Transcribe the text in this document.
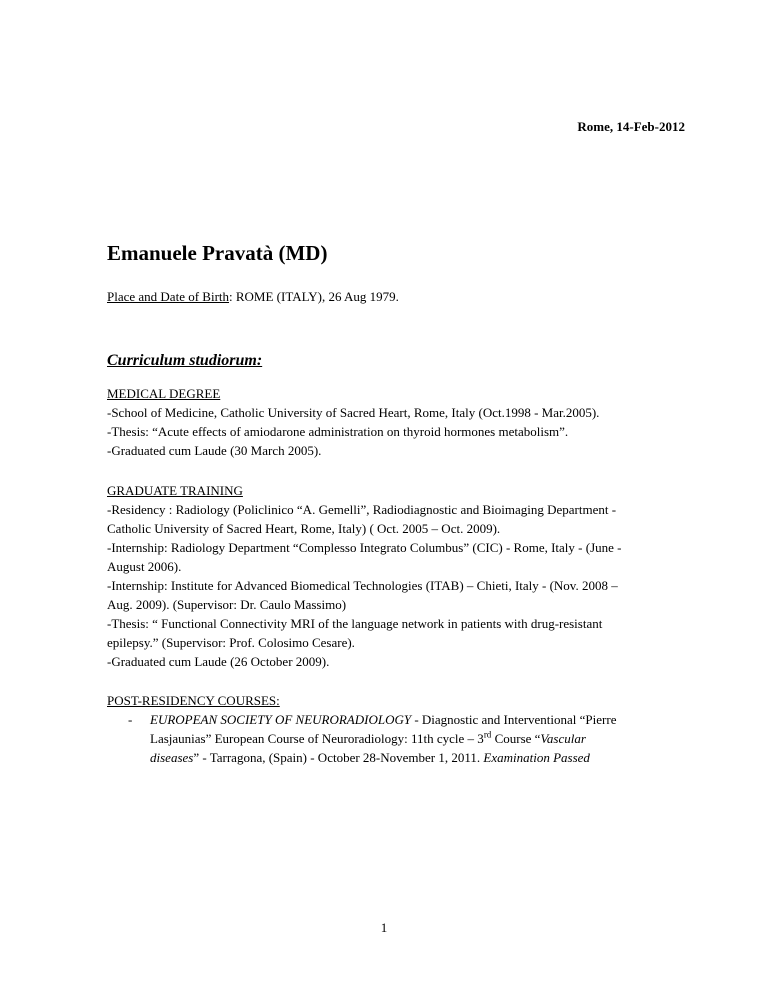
Rome, 14-Feb-2012
Emanuele Pravatà (MD)
Place and Date of Birth: ROME (ITALY), 26 Aug 1979.
Curriculum studiorum:
MEDICAL DEGREE
-School of Medicine, Catholic University of Sacred Heart, Rome, Italy (Oct.1998 - Mar.2005).
-Thesis: “Acute effects of amiodarone administration on thyroid hormones metabolism”.
-Graduated cum Laude (30 March 2005).
GRADUATE TRAINING
-Residency : Radiology (Policlinico “A. Gemelli”, Radiodiagnostic and Bioimaging Department -
Catholic University of Sacred Heart, Rome, Italy) ( Oct. 2005 – Oct. 2009).
-Internship: Radiology Department “Complesso Integrato Columbus” (CIC) - Rome, Italy - (June -
August 2006).
-Internship: Institute for Advanced Biomedical Technologies (ITAB) – Chieti, Italy - (Nov. 2008 –
Aug. 2009). (Supervisor: Dr. Caulo Massimo)
-Thesis: “ Functional Connectivity MRI of the language network in patients with drug-resistant
epilepsy.” (Supervisor: Prof. Colosimo Cesare).
-Graduated cum Laude (26 October 2009).
POST-RESIDENCY COURSES:
- EUROPEAN SOCIETY OF NEURORADIOLOGY - Diagnostic and Interventional “Pierre
Lasjaunias” European Course of Neuroradiology: 11th cycle – 3rd Course “Vascular
diseases” - Tarragona, (Spain) - October 28-November 1, 2011. Examination Passed
1
